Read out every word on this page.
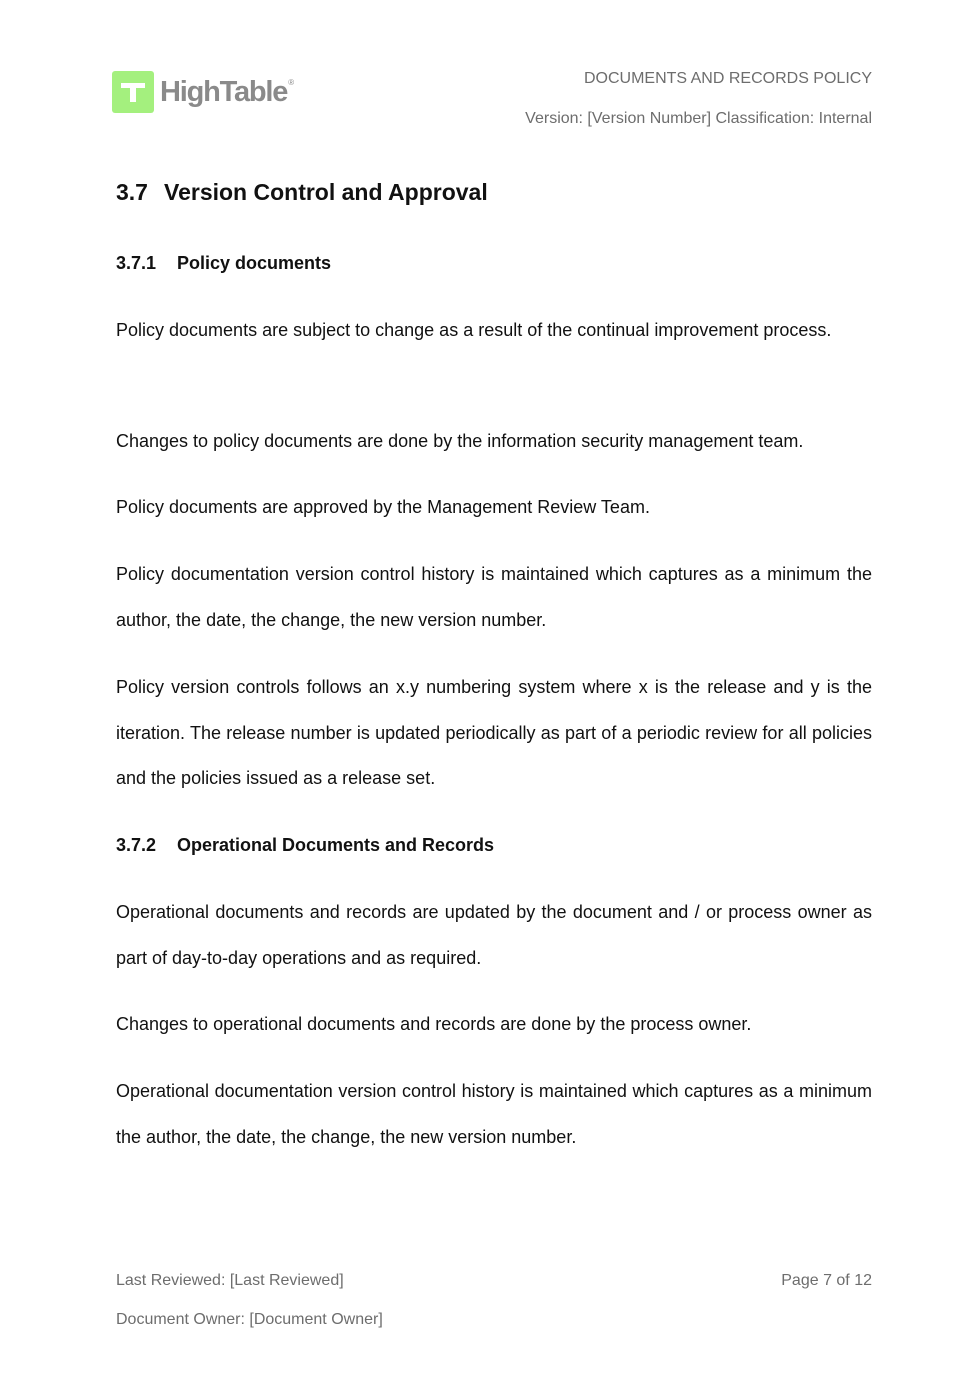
HighTable ®	DOCUMENTS AND RECORDS POLICY
Version: [Version Number] Classification: Internal
3.7 Version Control and Approval
3.7.1 Policy documents

Policy documents are subject to change as a result of the continual improvement process.

Changes to policy documents are done by the information security management team.

Policy documents are approved by the Management Review Team.

Policy documentation version control history is maintained which captures as a minimum the author, the date, the change, the new version number.

Policy version controls follows an x.y numbering system where x is the release and y is the iteration. The release number is updated periodically as part of a periodic review for all policies and the policies issued as a release set.

3.7.2 Operational Documents and Records

Operational documents and records are updated by the document and / or process owner as part of day-to-day operations and as required.

Changes to operational documents and records are done by the process owner.

Operational documentation version control history is maintained which captures as a minimum the author, the date, the change, the new version number.

Last Reviewed: [Last Reviewed]
Document Owner: [Document Owner]
Page 7 of 12
